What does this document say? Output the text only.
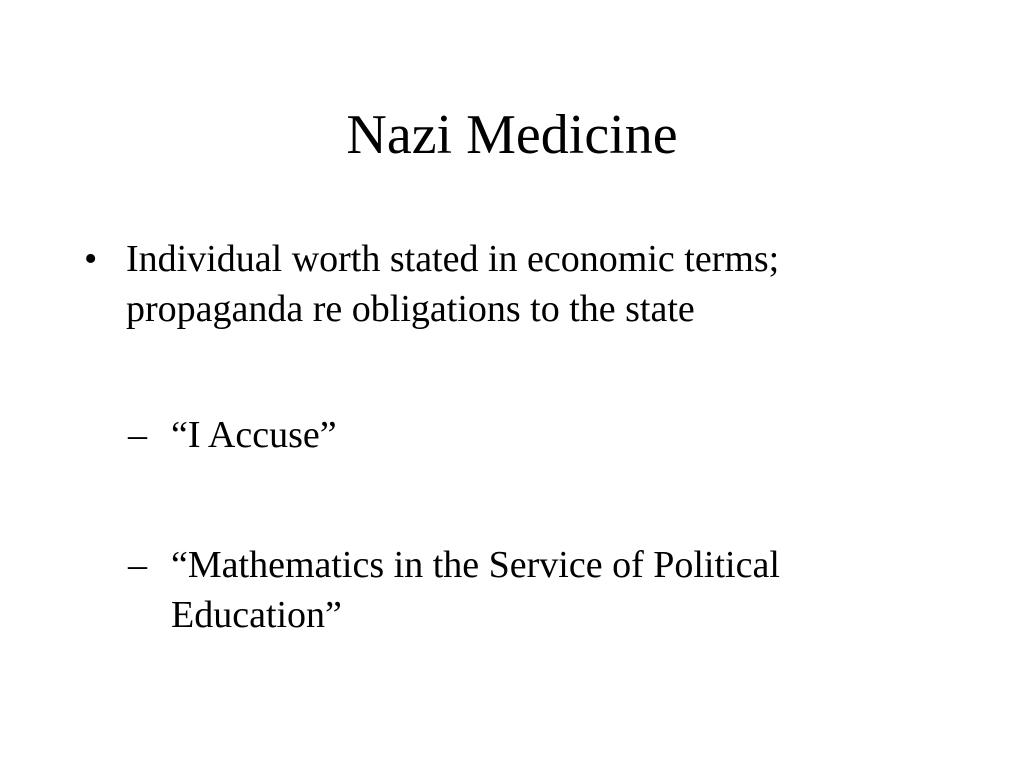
Nazi Medicine
• Individual worth stated in economic terms; propaganda re obligations to the state
– “I Accuse”
– “Mathematics in the Service of Political Education”
